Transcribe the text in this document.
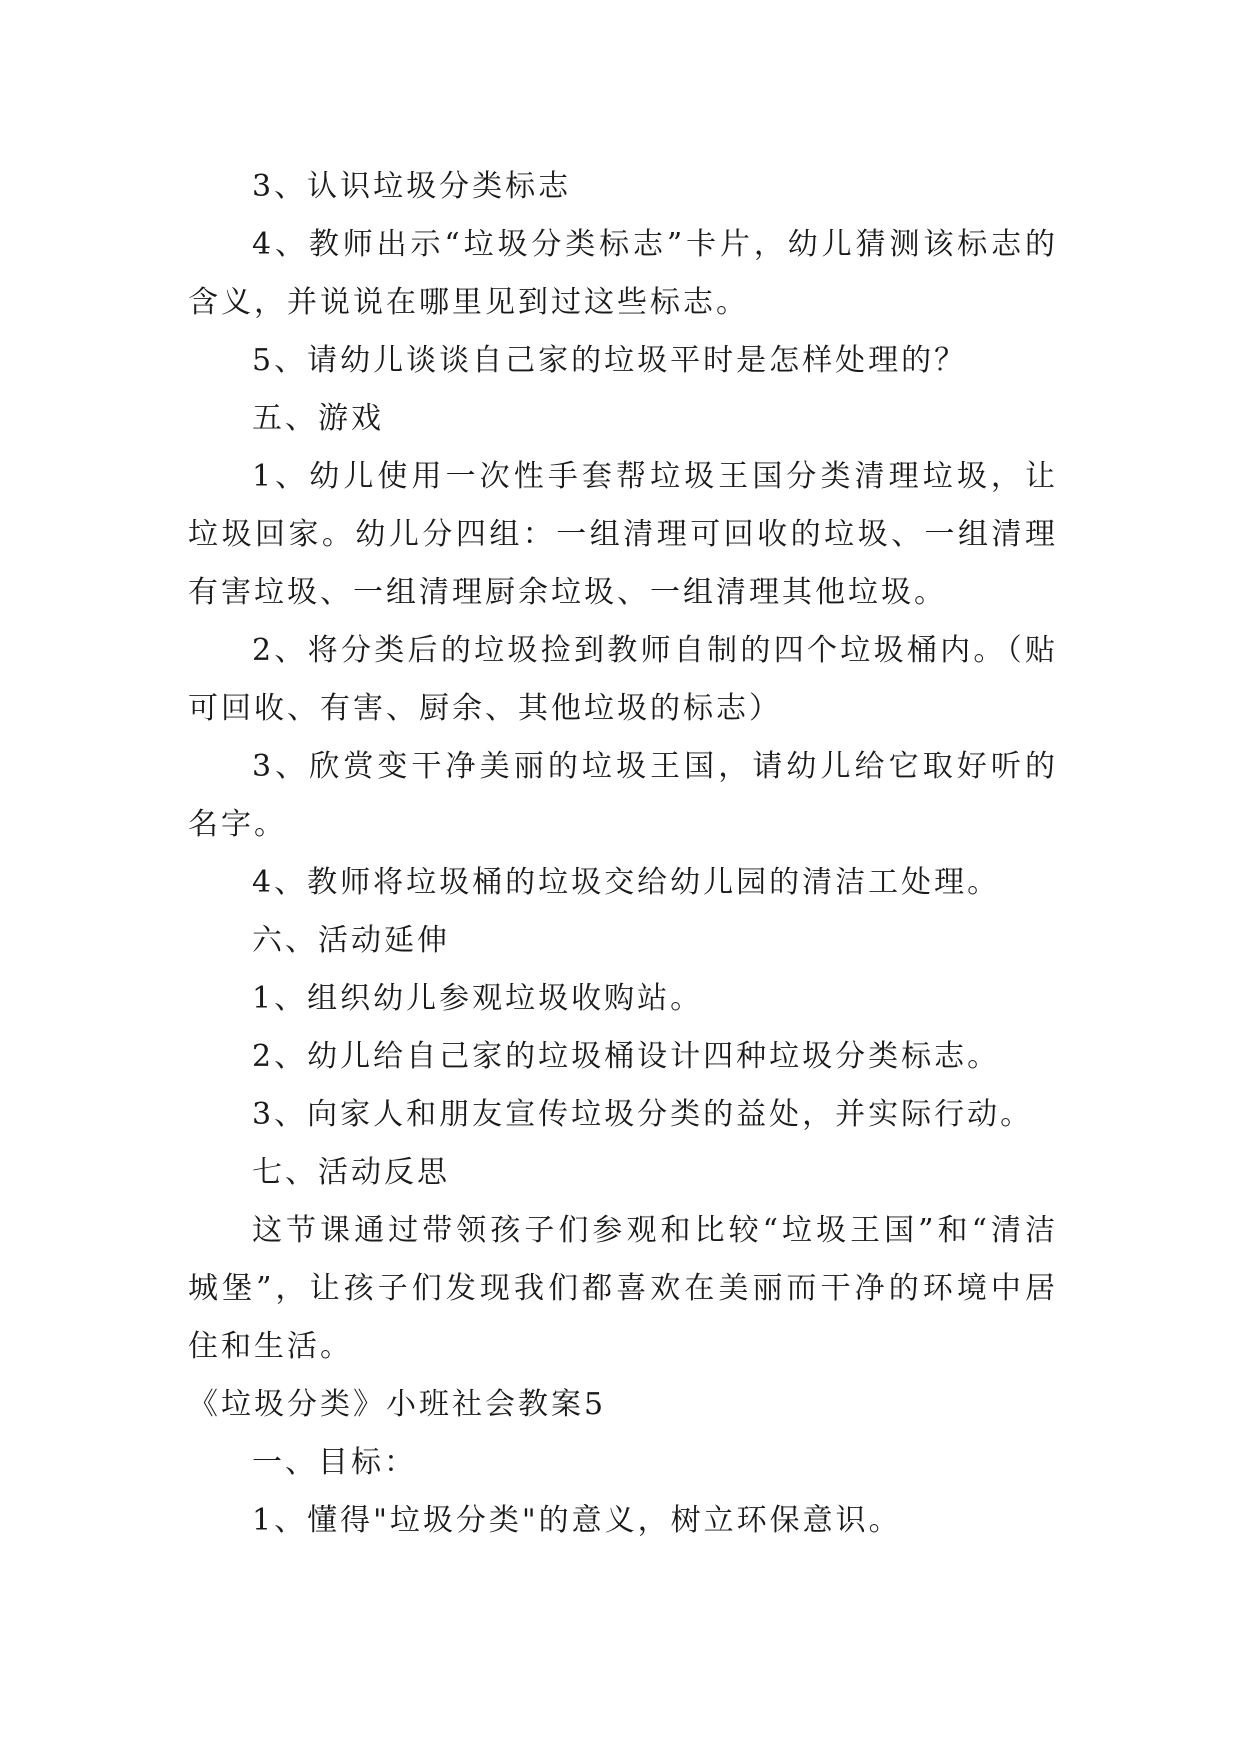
3、认识垃圾分类标志

4、教师出示“垃圾分类标志”卡片，幼儿猜测该标志的含义，并说说在哪里见到过这些标志。

5、请幼儿谈谈自己家的垃圾平时是怎样处理的？

五、游戏

1、幼儿使用一次性手套帮垃圾王国分类清理垃圾，让垃圾回家。幼儿分四组：一组清理可回收的垃圾、一组清理有害垃圾、一组清理厨余垃圾、一组清理其他垃圾。

2、将分类后的垃圾捡到教师自制的四个垃圾桶内。（贴可回收、有害、厨余、其他垃圾的标志）

3、欣赏变干净美丽的垃圾王国，请幼儿给它取好听的名字。

4、教师将垃圾桶的垃圾交给幼儿园的清洁工处理。

六、活动延伸

1、组织幼儿参观垃圾收购站。

2、幼儿给自己家的垃圾桶设计四种垃圾分类标志。

3、向家人和朋友宣传垃圾分类的益处，并实际行动。

七、活动反思

这节课通过带领孩子们参观和比较“垃圾王国”和“清洁城堡”，让孩子们发现我们都喜欢在美丽而干净的环境中居住和生活。

《垃圾分类》小班社会教案5

一、目标：

1、懂得"垃圾分类"的意义，树立环保意识。
